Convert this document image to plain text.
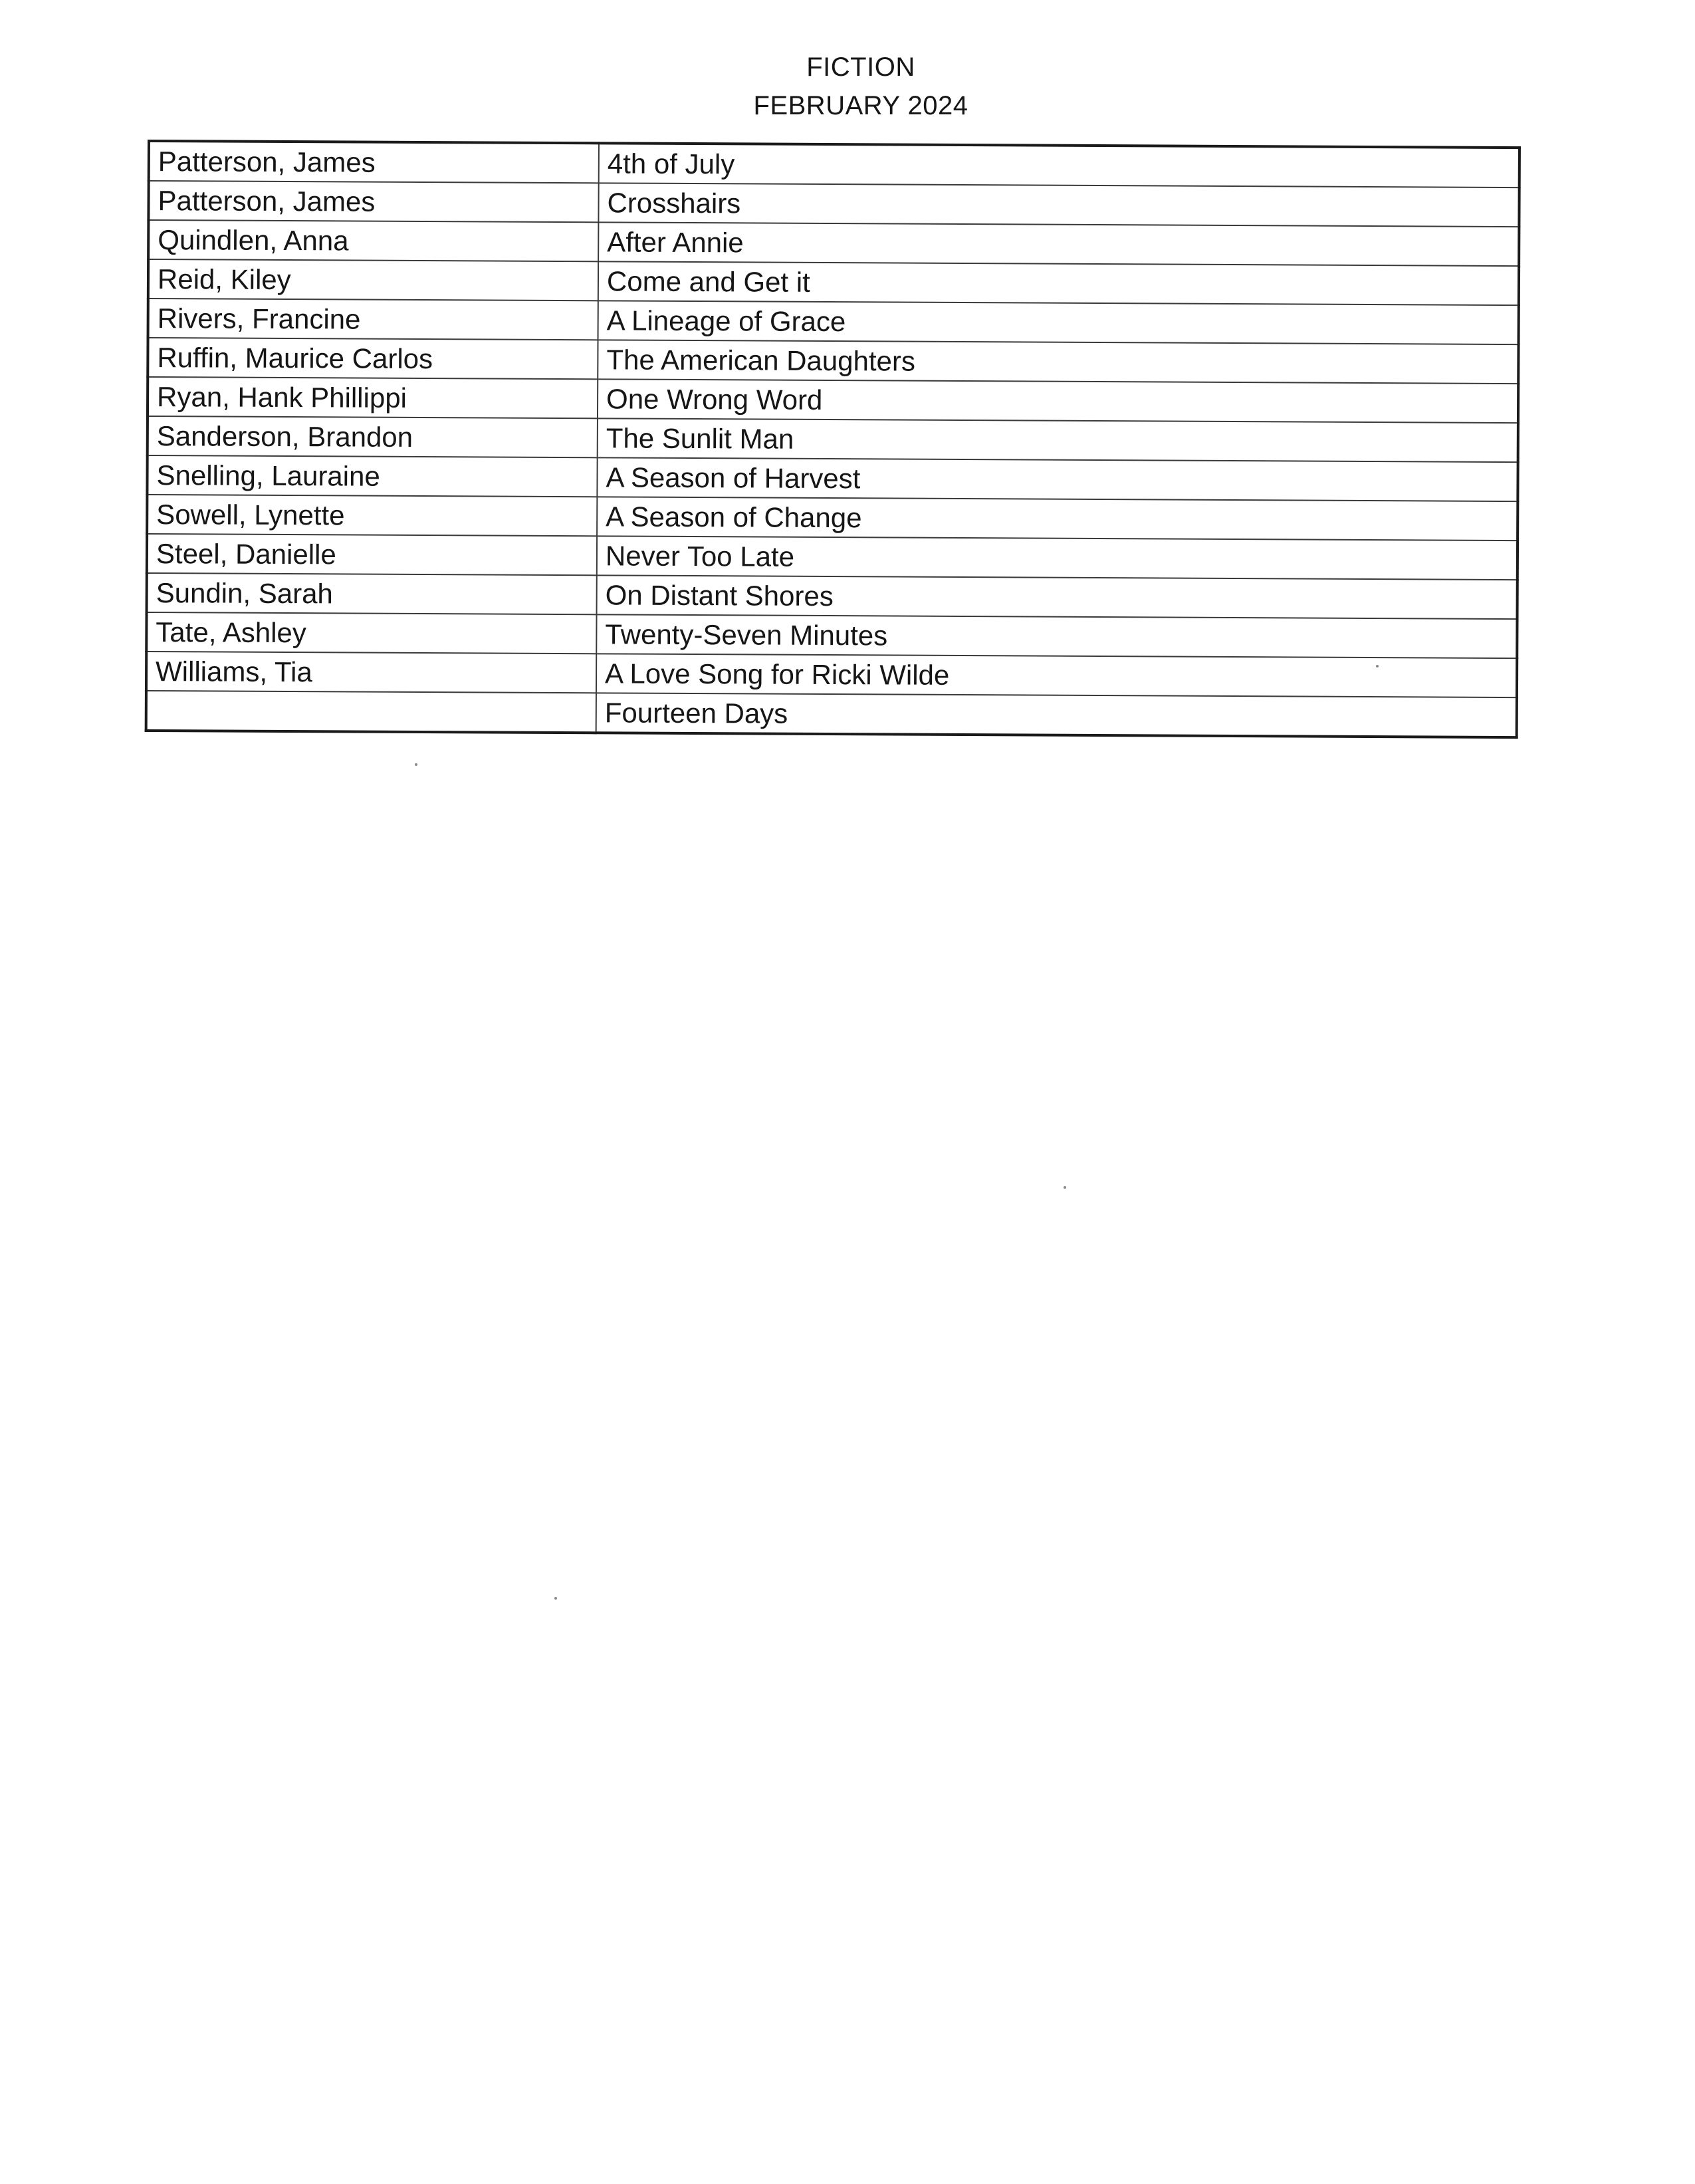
FICTION
FEBRUARY 2024
Patterson, James	4th of July
Patterson, James	Crosshairs
Quindlen, Anna	After Annie
Reid, Kiley	Come and Get it
Rivers, Francine	A Lineage of Grace
Ruffin, Maurice Carlos	The American Daughters
Ryan, Hank Phillippi	One Wrong Word
Sanderson, Brandon	The Sunlit Man
Snelling, Lauraine	A Season of Harvest
Sowell, Lynette	A Season of Change
Steel, Danielle	Never Too Late
Sundin, Sarah	On Distant Shores
Tate, Ashley	Twenty-Seven Minutes
Williams, Tia	A Love Song for Ricki Wilde
	Fourteen Days
